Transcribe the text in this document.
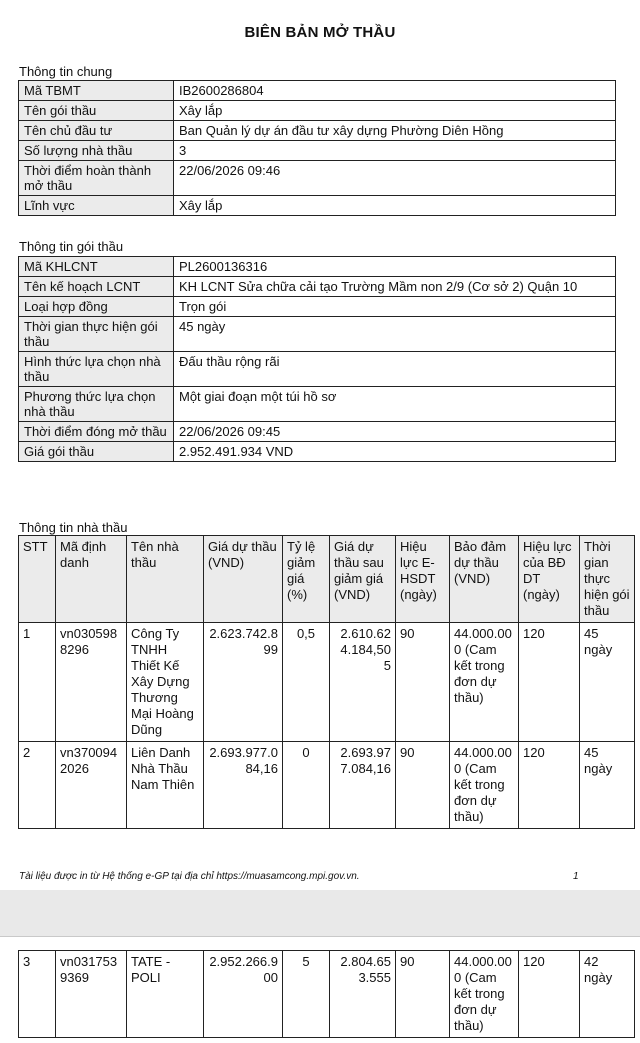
BIÊN BẢN MỞ THẦU
Thông tin chung
Mã TBMT	IB2600286804
Tên gói thầu	Xây lắp
Tên chủ đầu tư	Ban Quản lý dự án đầu tư xây dựng Phường Diên Hồng
Số lượng nhà thầu	3
Thời điểm hoàn thành mở thầu	22/06/2026 09:46
Lĩnh vực	Xây lắp
Thông tin gói thầu
Mã KHLCNT	PL2600136316
Tên kế hoạch LCNT	KH LCNT Sửa chữa cải tạo Trường Mầm non 2/9 (Cơ sở 2) Quận 10
Loại hợp đồng	Trọn gói
Thời gian thực hiện gói thầu	45 ngày
Hình thức lựa chọn nhà thầu	Đấu thầu rộng rãi
Phương thức lựa chọn nhà thầu	Một giai đoạn một túi hồ sơ
Thời điểm đóng mở thầu	22/06/2026 09:45
Giá gói thầu	2.952.491.934 VND
Thông tin nhà thầu
STT	Mã định danh	Tên nhà thầu	Giá dự thầu (VND)	Tỷ lệ giảm giá (%)	Giá dự thầu sau giảm giá (VND)	Hiệu lực E-HSDT (ngày)	Bảo đảm dự thầu (VND)	Hiệu lực của BĐ DT (ngày)	Thời gian thực hiện gói thầu
1	vn0305988296	Công Ty TNHH Thiết Kế Xây Dựng Thương Mại Hoàng Dũng	2.623.742.899	0,5	2.610.624.184,505	90	44.000.000 (Cam kết trong đơn dự thầu)	120	45 ngày
2	vn3700942026	Liên Danh Nhà Thầu Nam Thiên	2.693.977.084,16	0	2.693.977.084,16	90	44.000.000 (Cam kết trong đơn dự thầu)	120	45 ngày
Tài liệu được in từ Hệ thống e-GP tại địa chỉ https://muasamcong.mpi.gov.vn.	1
3	vn0317539369	TATE - POLI	2.952.266.900	5	2.804.653.555	90	44.000.000 (Cam kết trong đơn dự thầu)	120	42 ngày
